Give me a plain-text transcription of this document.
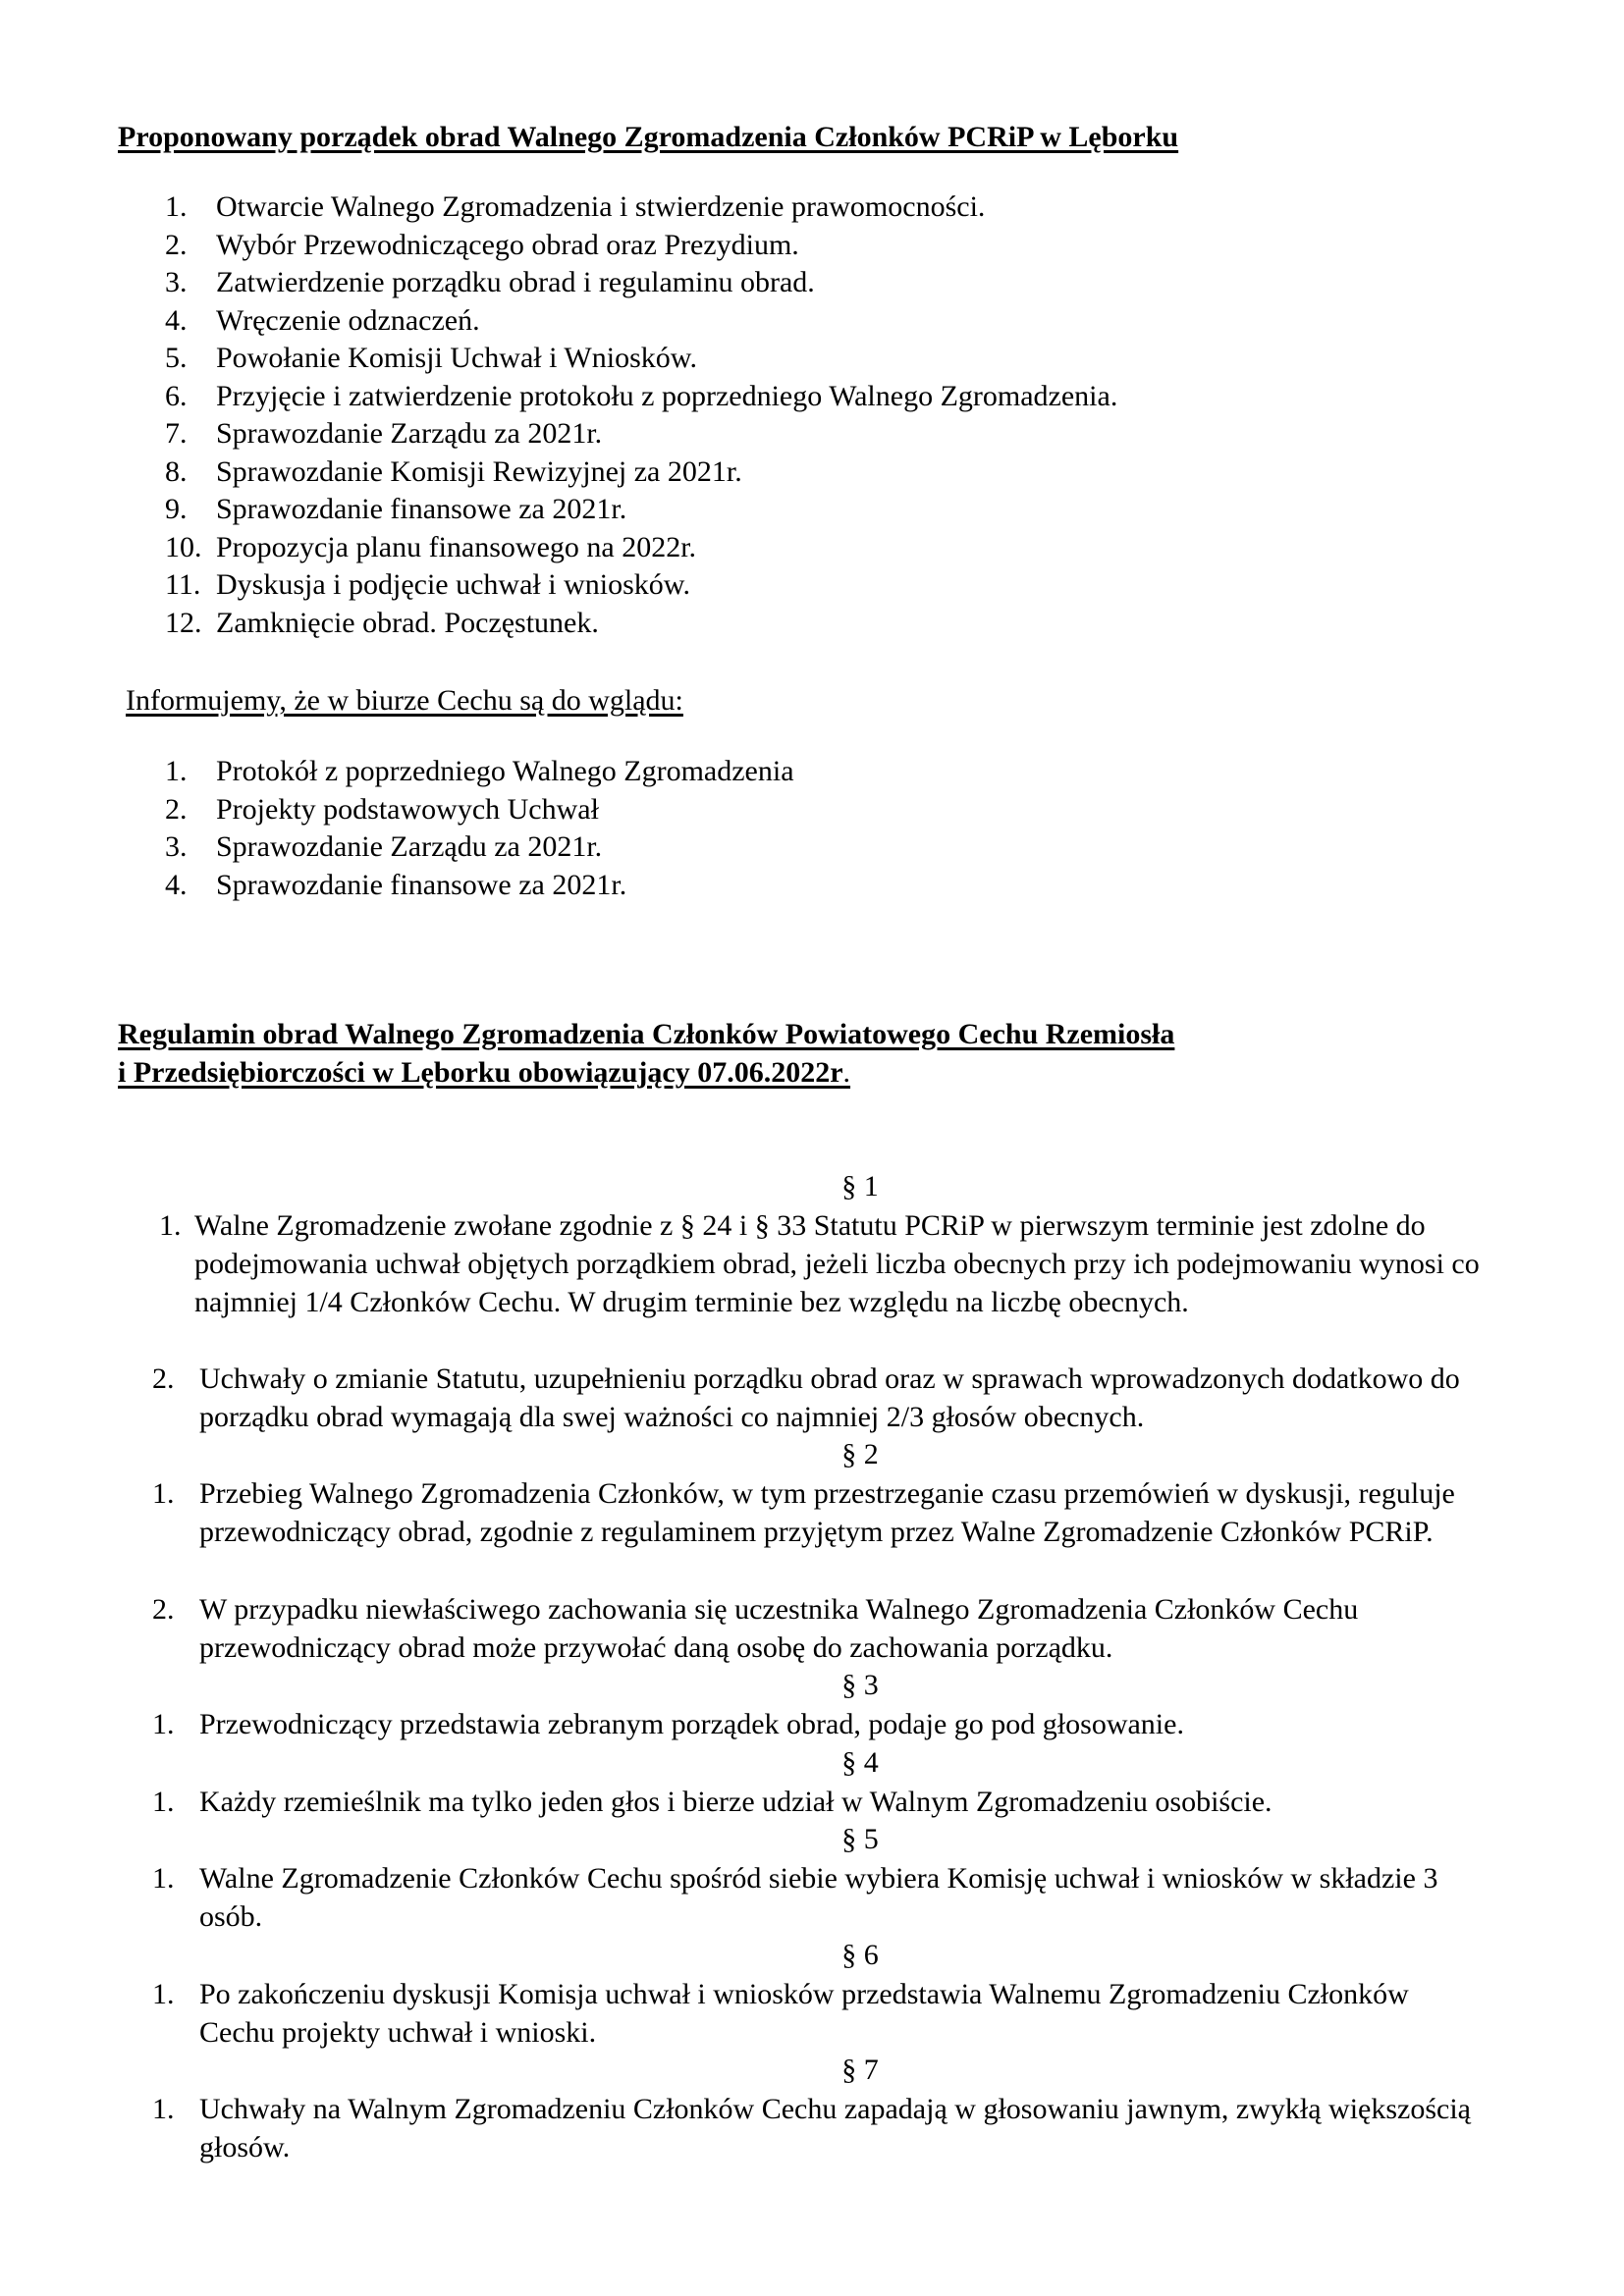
Proponowany porządek obrad Walnego Zgromadzenia Członków PCRiP w Lęborku
1. Otwarcie Walnego Zgromadzenia i stwierdzenie prawomocności.
2. Wybór Przewodniczącego obrad oraz Prezydium.
3. Zatwierdzenie porządku obrad i regulaminu obrad.
4. Wręczenie odznaczeń.
5. Powołanie Komisji Uchwał i Wniosków.
6. Przyjęcie i zatwierdzenie protokołu z poprzedniego Walnego Zgromadzenia.
7. Sprawozdanie Zarządu za 2021r.
8. Sprawozdanie Komisji Rewizyjnej za 2021r.
9. Sprawozdanie finansowe za 2021r.
10. Propozycja planu finansowego na 2022r.
11. Dyskusja i podjęcie uchwał i wniosków.
12. Zamknięcie obrad. Poczęstunek.
Informujemy, że w biurze Cechu są do wglądu:
1. Protokół z poprzedniego Walnego Zgromadzenia
2. Projekty podstawowych Uchwał
3. Sprawozdanie Zarządu za 2021r.
4. Sprawozdanie finansowe za 2021r.
Regulamin obrad Walnego Zgromadzenia Członków Powiatowego Cechu Rzemiosła
i Przedsiębiorczości w Lęborku obowiązujący 07.06.2022r.
§ 1
1. Walne Zgromadzenie zwołane zgodnie z § 24 i § 33 Statutu PCRiP w pierwszym terminie jest zdolne do podejmowania uchwał objętych porządkiem obrad, jeżeli liczba obecnych przy ich podejmowaniu wynosi co najmniej 1/4 Członków Cechu. W drugim terminie bez względu na liczbę obecnych.
2. Uchwały o zmianie Statutu, uzupełnieniu porządku obrad oraz w sprawach wprowadzonych dodatkowo do porządku obrad wymagają dla swej ważności co najmniej 2/3 głosów obecnych.
§ 2
1. Przebieg Walnego Zgromadzenia Członków, w tym przestrzeganie czasu przemówień w dyskusji, reguluje przewodniczący obrad, zgodnie z regulaminem przyjętym przez Walne Zgromadzenie Członków PCRiP.
2. W przypadku niewłaściwego zachowania się uczestnika Walnego Zgromadzenia Członków Cechu przewodniczący obrad może przywołać daną osobę do zachowania porządku.
§ 3
1. Przewodniczący przedstawia zebranym porządek obrad, podaje go pod głosowanie.
§ 4
1. Każdy rzemieślnik ma tylko jeden głos i bierze udział w Walnym Zgromadzeniu osobiście.
§ 5
1. Walne Zgromadzenie Członków Cechu spośród siebie wybiera Komisję uchwał i wniosków w składzie 3 osób.
§ 6
1. Po zakończeniu dyskusji Komisja uchwał i wniosków przedstawia Walnemu Zgromadzeniu Członków Cechu projekty uchwał i wnioski.
§ 7
1. Uchwały na Walnym Zgromadzeniu Członków Cechu zapadają w głosowaniu jawnym, zwykłą większością głosów.
